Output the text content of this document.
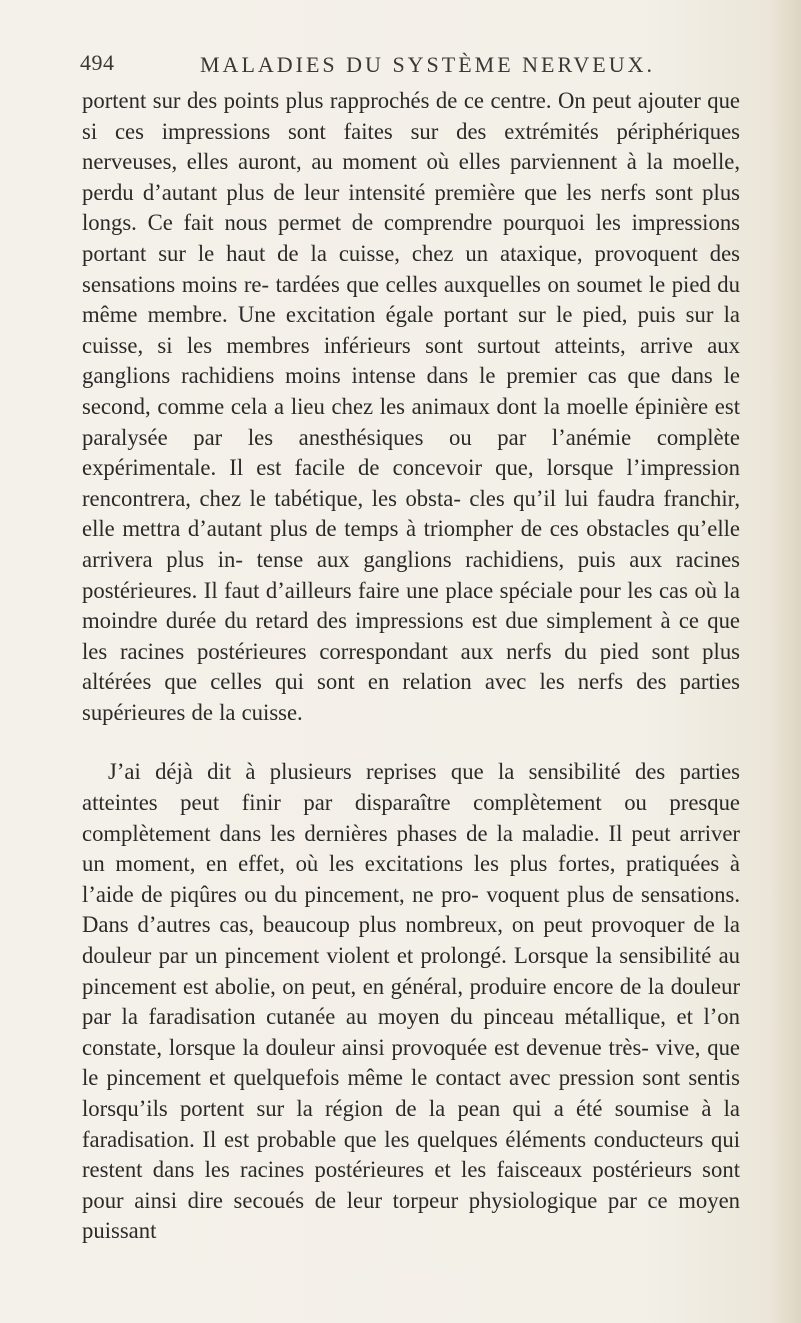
494	MALADIES DU SYSTÈME NERVEUX.

portent sur des points plus rapprochés de ce centre. On peut ajouter que si ces impressions sont faites sur des extrémités périphériques nerveuses, elles auront, au moment où elles parviennent à la moelle, perdu d’autant plus de leur intensité première que les nerfs sont plus longs. Ce fait nous permet de comprendre pourquoi les impressions portant sur le haut de la cuisse, chez un ataxique, provoquent des sensations moins re- tardées que celles auxquelles on soumet le pied du même membre. Une excitation égale portant sur le pied, puis sur la cuisse, si les membres inférieurs sont surtout atteints, arrive aux ganglions rachidiens moins intense dans le premier cas que dans le second, comme cela a lieu chez les animaux dont la moelle épinière est paralysée par les anesthésiques ou par l’anémie complète expérimentale. Il est facile de concevoir que, lorsque l’impression rencontrera, chez le tabétique, les obsta- cles qu’il lui faudra franchir, elle mettra d’autant plus de temps à triompher de ces obstacles qu’elle arrivera plus in- tense aux ganglions rachidiens, puis aux racines postérieures. Il faut d’ailleurs faire une place spéciale pour les cas où la moindre durée du retard des impressions est due simplement à ce que les racines postérieures correspondant aux nerfs du pied sont plus altérées que celles qui sont en relation avec les nerfs des parties supérieures de la cuisse.

J’ai déjà dit à plusieurs reprises que la sensibilité des parties atteintes peut finir par disparaître complètement ou presque complètement dans les dernières phases de la maladie. Il peut arriver un moment, en effet, où les excitations les plus fortes, pratiquées à l’aide de piqûres ou du pincement, ne pro- voquent plus de sensations. Dans d’autres cas, beaucoup plus nombreux, on peut provoquer de la douleur par un pincement violent et prolongé. Lorsque la sensibilité au pincement est abolie, on peut, en général, produire encore de la douleur par la faradisation cutanée au moyen du pinceau métallique, et l’on constate, lorsque la douleur ainsi provoquée est devenue très- vive, que le pincement et quelquefois même le contact avec pression sont sentis lorsqu’ils portent sur la région de la pean qui a été soumise à la faradisation. Il est probable que les quelques éléments conducteurs qui restent dans les racines postérieures et les faisceaux postérieurs sont pour ainsi dire secoués de leur torpeur physiologique par ce moyen puissant
